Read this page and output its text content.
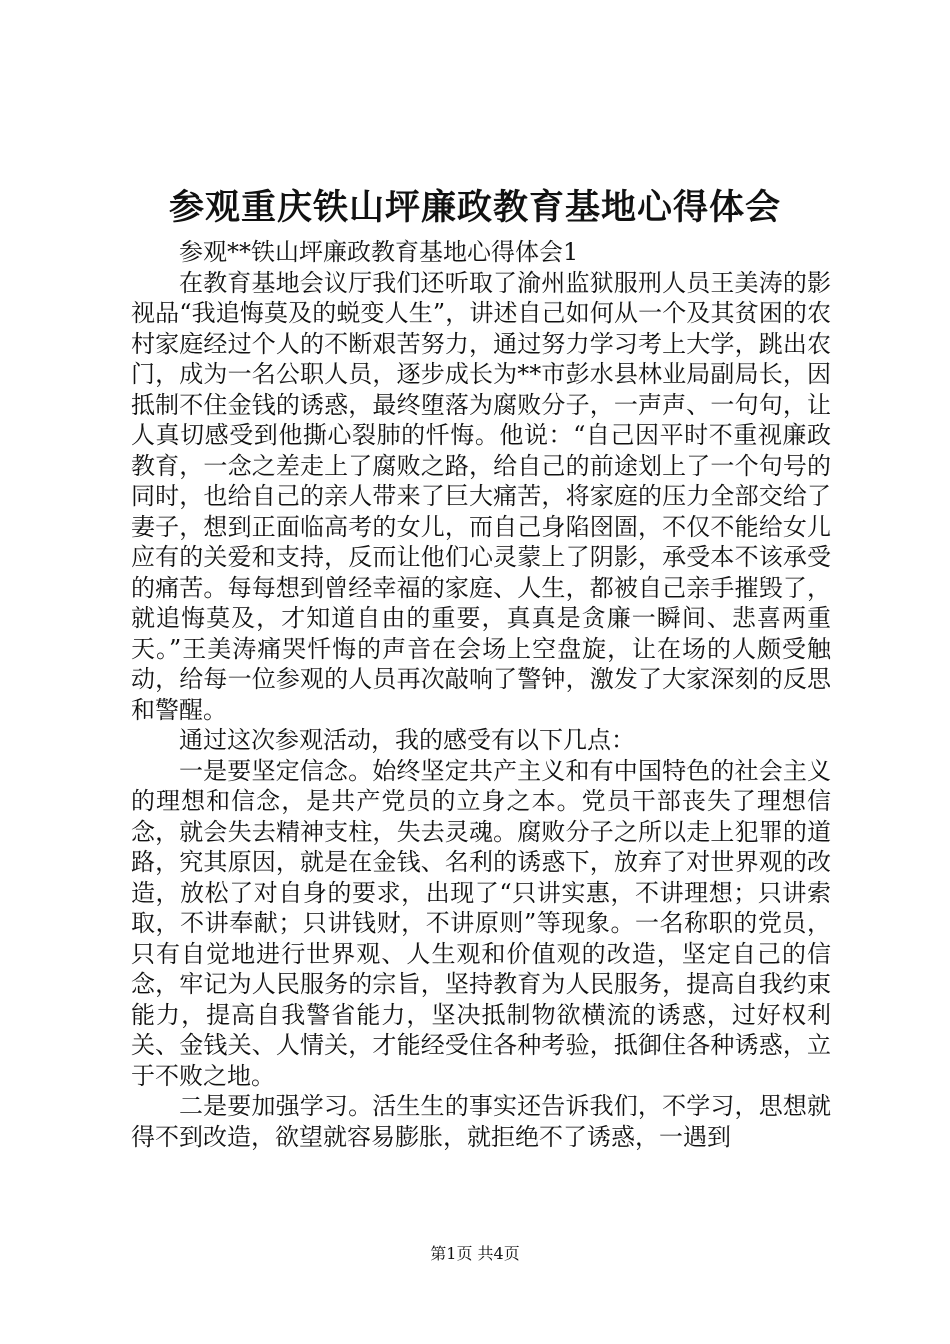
参观重庆铁山坪廉政教育基地心得体会

参观**铁山坪廉政教育基地心得体会1

在教育基地会议厅我们还听取了渝州监狱服刑人员王美涛的影视品“我追悔莫及的蜕变人生”，讲述自己如何从一个及其贫困的农村家庭经过个人的不断艰苦努力，通过努力学习考上大学，跳出农门，成为一名公职人员，逐步成长为**市彭水县林业局副局长，因抵制不住金钱的诱惑，最终堕落为腐败分子，一声声、一句句，让人真切感受到他撕心裂肺的忏悔。他说：“自己因平时不重视廉政教育，一念之差走上了腐败之路，给自己的前途划上了一个句号的同时，也给自己的亲人带来了巨大痛苦，将家庭的压力全部交给了妻子，想到正面临高考的女儿，而自己身陷囹圄，不仅不能给女儿应有的关爱和支持，反而让他们心灵蒙上了阴影，承受本不该承受的痛苦。每每想到曾经幸福的家庭、人生，都被自己亲手摧毁了，就追悔莫及，才知道自由的重要，真真是贪廉一瞬间、悲喜两重天。”王美涛痛哭忏悔的声音在会场上空盘旋，让在场的人颇受触动，给每一位参观的人员再次敲响了警钟，激发了大家深刻的反思和警醒。

通过这次参观活动，我的感受有以下几点：

一是要坚定信念。始终坚定共产主义和有中国特色的社会主义的理想和信念，是共产党员的立身之本。党员干部丧失了理想信念，就会失去精神支柱，失去灵魂。腐败分子之所以走上犯罪的道路，究其原因，就是在金钱、名利的诱惑下，放弃了对世界观的改造，放松了对自身的要求，出现了“只讲实惠，不讲理想；只讲索取，不讲奉献；只讲钱财，不讲原则”等现象。一名称职的党员，只有自觉地进行世界观、人生观和价值观的改造，坚定自己的信念，牢记为人民服务的宗旨，坚持教育为人民服务，提高自我约束能力，提高自我警省能力，坚决抵制物欲横流的诱惑，过好权利关、金钱关、人情关，才能经受住各种考验，抵御住各种诱惑，立于不败之地。

二是要加强学习。活生生的事实还告诉我们，不学习，思想就得不到改造，欲望就容易膨胀，就拒绝不了诱惑，一遇到

第1页 共4页
